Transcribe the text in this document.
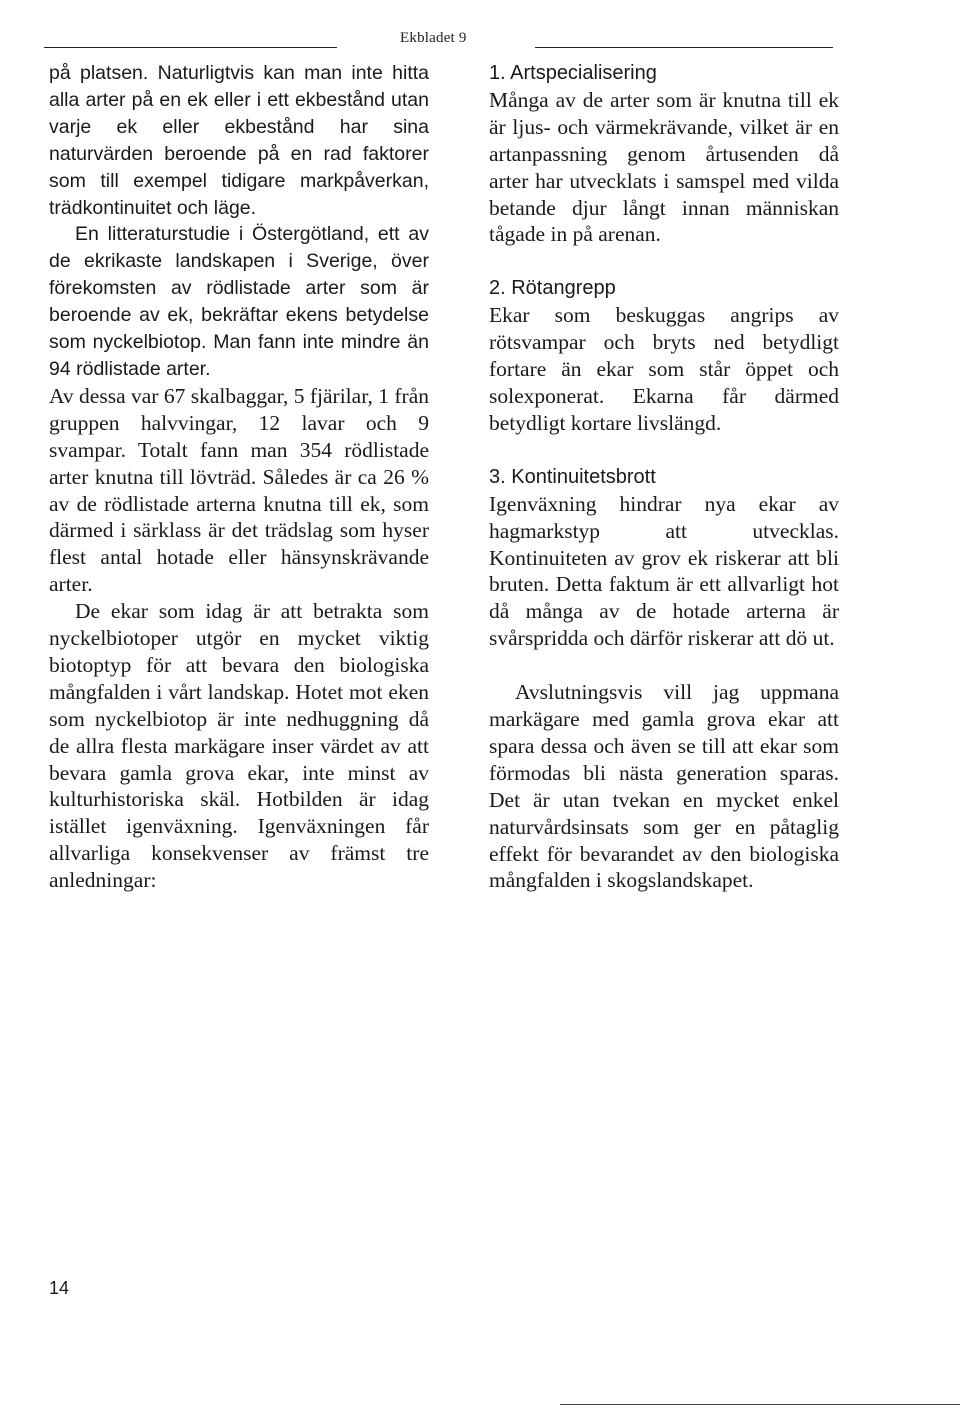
Ekbladet 9

på platsen. Naturligtvis kan man inte hitta alla arter på en ek eller i ett ekbestånd utan varje ek eller ekbestånd har sina naturvärden beroende på en rad faktorer som till exempel tidigare markpåverkan, trädkontinuitet och läge.

En litteraturstudie i Östergötland, ett av de ekrikaste landskapen i Sverige, över förekomsten av rödlistade arter som är beroende av ek, bekräftar ekens betydelse som nyckelbiotop. Man fann inte mindre än 94 rödlistade arter.

Av dessa var 67 skalbaggar, 5 fjärilar, 1 från gruppen halvvingar, 12 lavar och 9 svampar. Totalt fann man 354 rödlistade arter knutna till lövträd. Således är ca 26 % av de rödlistade arterna knutna till ek, som därmed i särklass är det trädslag som hyser flest antal hotade eller hänsynskrävande arter.

De ekar som idag är att betrakta som nyckelbiotoper utgör en mycket viktig biotoptyp för att bevara den biologiska mångfalden i vårt landskap. Hotet mot eken som nyckelbiotop är inte nedhuggning då de allra flesta markägare inser värdet av att bevara gamla grova ekar, inte minst av kulturhistoriska skäl. Hotbilden är idag istället igenväxning. Igenväxningen får allvarliga konsekvenser av främst tre anledningar:

1. Artspecialisering

Många av de arter som är knutna till ek är ljus- och värmekrävande, vilket är en artanpassning genom årtusenden då arter har utvecklats i samspel med vilda betande djur långt innan människan tågade in på arenan.

2. Rötangrepp

Ekar som beskuggas angrips av rötsvampar och bryts ned betydligt fortare än ekar som står öppet och solexponerat. Ekarna får därmed betydligt kortare livslängd.

3. Kontinuitetsbrott

Igenväxning hindrar nya ekar av hagmarkstyp att utvecklas. Kontinuiteten av grov ek riskerar att bli bruten. Detta faktum är ett allvarligt hot då många av de hotade arterna är svårspridda och därför riskerar att dö ut.

Avslutningsvis vill jag uppmana markägare med gamla grova ekar att spara dessa och även se till att ekar som förmodas bli nästa generation sparas. Det är utan tvekan en mycket enkel naturvårdsinsats som ger en påtaglig effekt för bevarandet av den biologiska mångfalden i skogslandskapet.

14
